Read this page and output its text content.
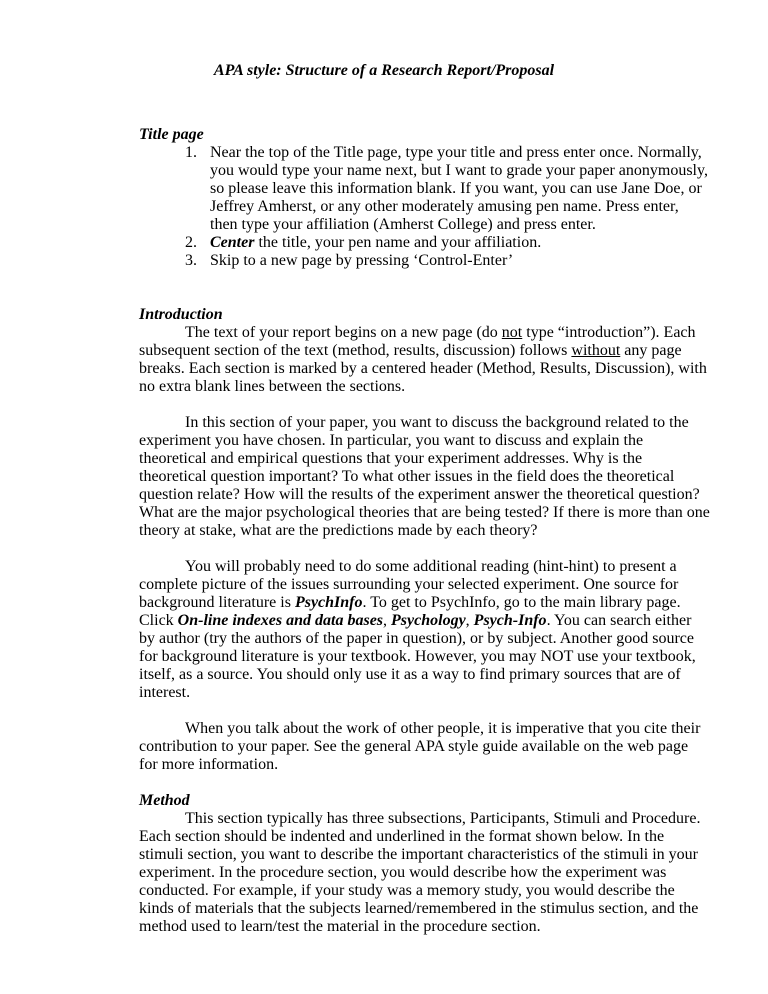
APA style: Structure of a Research Report/Proposal
Title page
1. Near the top of the Title page, type your title and press enter once. Normally,
you would type your name next, but I want to grade your paper anonymously,
so please leave this information blank. If you want, you can use Jane Doe, or
Jeffrey Amherst, or any other moderately amusing pen name. Press enter,
then type your affiliation (Amherst College) and press enter.
2. Center the title, your pen name and your affiliation.
3. Skip to a new page by pressing ‘Control-Enter’
Introduction
The text of your report begins on a new page (do not type “introduction”). Each
subsequent section of the text (method, results, discussion) follows without any page
breaks. Each section is marked by a centered header (Method, Results, Discussion), with
no extra blank lines between the sections.
In this section of your paper, you want to discuss the background related to the
experiment you have chosen. In particular, you want to discuss and explain the
theoretical and empirical questions that your experiment addresses. Why is the
theoretical question important? To what other issues in the field does the theoretical
question relate? How will the results of the experiment answer the theoretical question?
What are the major psychological theories that are being tested? If there is more than one
theory at stake, what are the predictions made by each theory?
You will probably need to do some additional reading (hint-hint) to present a
complete picture of the issues surrounding your selected experiment. One source for
background literature is PsychInfo. To get to PsychInfo, go to the main library page.
Click On-line indexes and data bases, Psychology, Psych-Info. You can search either
by author (try the authors of the paper in question), or by subject. Another good source
for background literature is your textbook. However, you may NOT use your textbook,
itself, as a source. You should only use it as a way to find primary sources that are of
interest.
When you talk about the work of other people, it is imperative that you cite their
contribution to your paper. See the general APA style guide available on the web page
for more information.
Method
This section typically has three subsections, Participants, Stimuli and Procedure.
Each section should be indented and underlined in the format shown below. In the
stimuli section, you want to describe the important characteristics of the stimuli in your
experiment. In the procedure section, you would describe how the experiment was
conducted. For example, if your study was a memory study, you would describe the
kinds of materials that the subjects learned/remembered in the stimulus section, and the
method used to learn/test the material in the procedure section.
